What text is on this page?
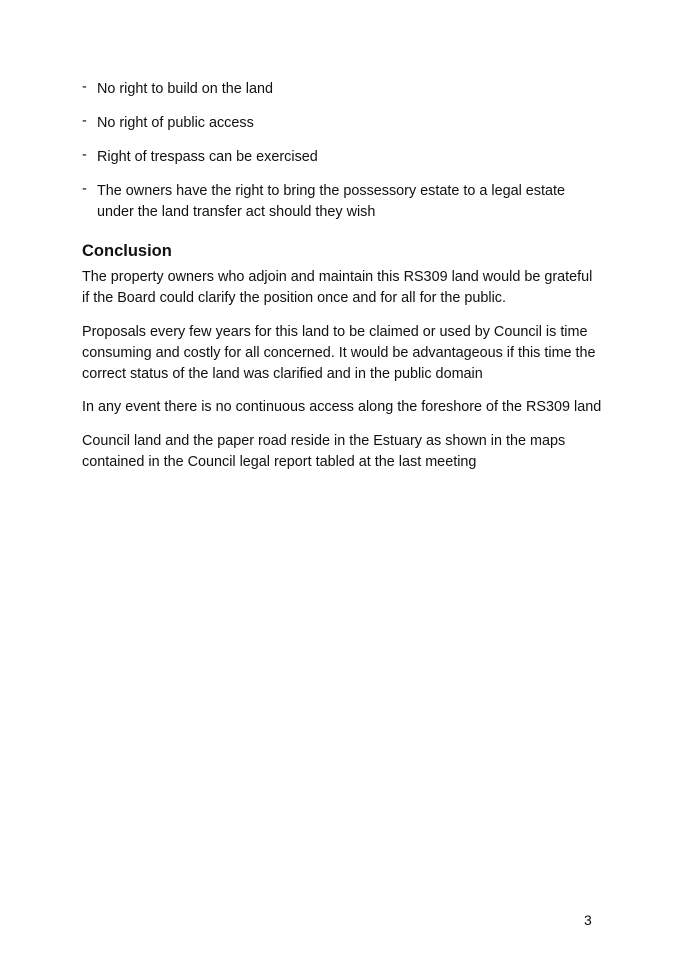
- No right to build on the land
- No right of public access
- Right of trespass can be exercised
- The owners have the right to bring the possessory estate to a legal estate under the land transfer act should they wish
Conclusion

The property owners who adjoin and maintain this RS309 land would be grateful if the Board could clarify the position once and for all for the public.

Proposals every few years for this land to be claimed or used by Council is time consuming and costly for all concerned. It would be advantageous if this time the correct status of the land was clarified and in the public domain

In any event there is no continuous access along the foreshore of the RS309 land

Council land and the paper road reside in the Estuary as shown in the maps contained in the Council legal report tabled at the last meeting

3
